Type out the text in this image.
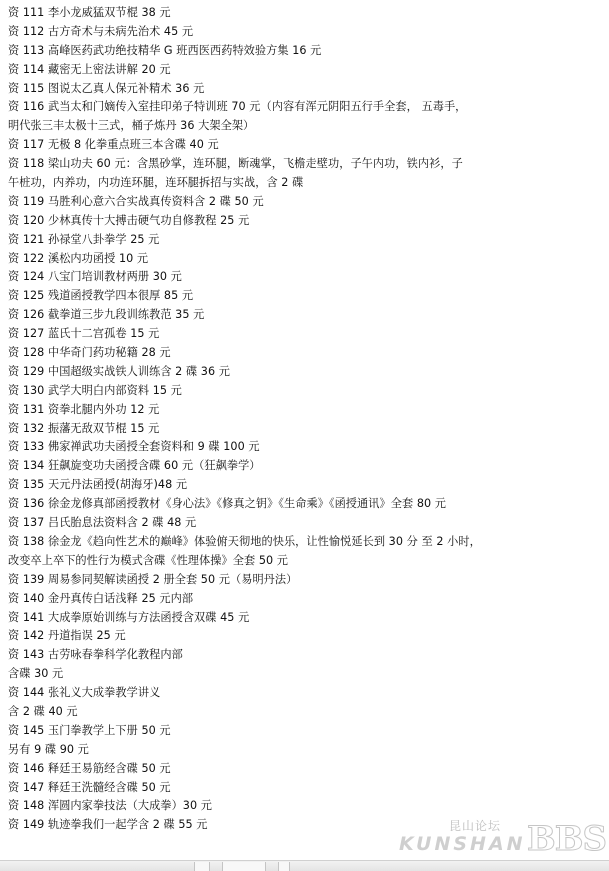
资 111 李小龙威猛双节棍 38 元
资 112 古方奇术与未病先治术 45 元
资 113 高峰医药武功绝技精华 G 班西医西药特效验方集 16 元
资 114 藏密无上密法讲解 20 元
资 115 图说太乙真人保元补精术 36 元
资 116 武当太和门嫡传入室挂印弟子特训班 70 元（内容有浑元阴阳五行手全套， 五毒手，
明代张三丰太极十三式，桶子炼丹 36 大架全架）
资 117 无极 8 化拳重点班三本含碟 40 元
资 118 梁山功夫 60 元：含黑砂掌，连环腿，断魂掌，飞檐走壁功，子午内功，铁内衫，子
午桩功，内养功，内功连环腿，连环腿拆招与实战，含 2 碟
资 119 马胜利心意六合实战真传资料含 2 碟 50 元
资 120 少林真传十大搏击硬气功自修教程 25 元
资 121 孙禄堂八卦拳学 25 元
资 122 溪松内功函授 10 元
资 124 八宝门培训教材两册 30 元
资 125 残道函授教学四本很厚 85 元
资 126 截拳道三步九段训练教范 35 元
资 127 蓝氏十二宫孤卷 15 元
资 128 中华奇门药功秘籍 28 元
资 129 中国超级实战铁人训练含 2 碟 36 元
资 130 武学大明白内部资料 15 元
资 131 资拳北腿内外功 12 元
资 132 振藩无敌双节棍 15 元
资 133 佛家禅武功夫函授全套资料和 9 碟 100 元
资 134 狂飙旋变功夫函授含碟 60 元（狂飙拳学）
资 135 天元丹法函授(胡海牙)48 元
资 136 徐金龙修真部函授教材《身心法》《修真之钥》《生命乘》《函授通讯》全套 80 元
资 137 吕氏胎息法资料含 2 碟 48 元
资 138 徐金龙《趋向性艺术的巅峰》体验俯天彻地的快乐，让性愉悦延长到 30 分 至 2 小时，
改变卒上卒下的性行为模式含碟《性理体操》全套 50 元
资 139 周易参同契解读函授 2 册全套 50 元（易明丹法）
资 140 金丹真传白话浅释 25 元内部
资 141 大成拳原始训练与方法函授含双碟 45 元
资 142 丹道指误 25 元
资 143 古劳咏春拳科学化教程内部
含碟 30 元
资 144 张礼义大成拳教学讲义
含 2 碟 40 元
资 145 玉门拳教学上下册 50 元
另有 9 碟 90 元
资 146 释廷王易筋经含碟 50 元
资 147 释廷王洗髓经含碟 50 元
资 148 浑圆内家拳技法（大成拳）30 元
资 149 轨迹拳我们一起学含 2 碟 55 元	昆山论坛
KUNSHAN BBS
